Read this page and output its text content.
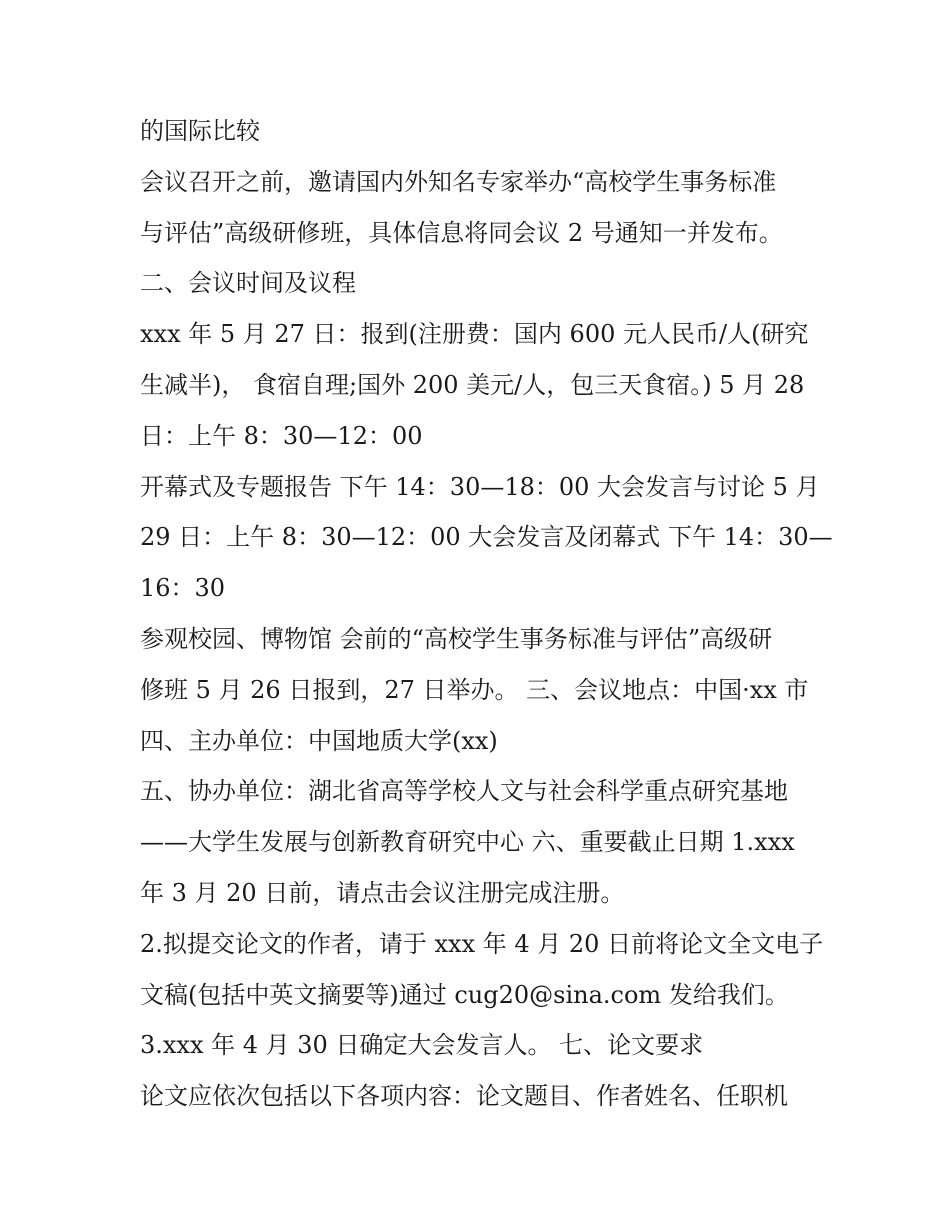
的国际比较
会议召开之前，邀请国内外知名专家举办“高校学生事务标准
与评估”高级研修班，具体信息将同会议 2 号通知一并发布。
二、会议时间及议程
xxx 年 5 月 27 日：报到(注册费：国内 600 元人民币/人(研究
生减半)， 食宿自理;国外 200 美元/人，包三天食宿。) 5 月 28
日：上午 8：30—12：00
开幕式及专题报告 下午 14：30—18：00 大会发言与讨论 5 月
29 日：上午 8：30—12：00 大会发言及闭幕式 下午 14：30—
16：30
参观校园、博物馆 会前的“高校学生事务标准与评估”高级研
修班 5 月 26 日报到，27 日举办。 三、会议地点：中国·xx 市
四、主办单位：中国地质大学(xx)
五、协办单位：湖北省高等学校人文与社会科学重点研究基地
——大学生发展与创新教育研究中心 六、重要截止日期 1.xxx
年 3 月 20 日前，请点击会议注册完成注册。
2.拟提交论文的作者，请于 xxx 年 4 月 20 日前将论文全文电子
文稿(包括中英文摘要等)通过 cug20@sina.com 发给我们。
3.xxx 年 4 月 30 日确定大会发言人。 七、论文要求
论文应依次包括以下各项内容：论文题目、作者姓名、任职机
